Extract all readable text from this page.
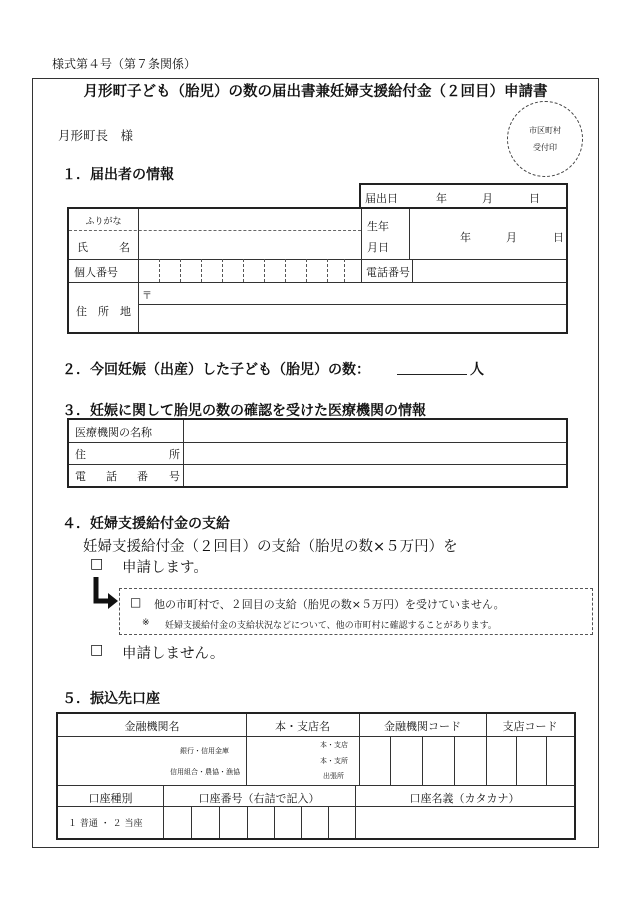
様式第４号（第７条関係）
月形町子ども（胎児）の数の届出書兼妊婦支援給付金（２回目）申請書
月形町長　様	市区町村
受付印
１．届出者の情報
届出日	年	月	日
ふりがな
氏	名
個人番号
住　所　地
〒
生年
月日
年	月	日
電話番号
２．今回妊娠（出産）した子ども（胎児）の数：	人
３．妊娠に関して胎児の数の確認を受けた医療機関の情報
医療機関の名称
住	所
電 話 番 号
４．妊婦支援給付金の支給
妊婦支援給付金（２回目）の支給（胎児の数×５万円）を
□ 申請します。
□ 他の市町村で、２回目の支給（胎児の数×５万円）を受けていません。
※ 妊婦支援給付金の支給状況などについて、他の市町村に確認することがあります。
□ 申請しません。
５．振込先口座
金融機関名	本・支店名	金融機関コード	支店コード
銀行・信用金庫
信用組合・農協・漁協
本・支店
本・支所
出張所
口座種別	口座番号（右詰で記入）	口座名義（カタカナ）
１ 普通 ・ ２ 当座
